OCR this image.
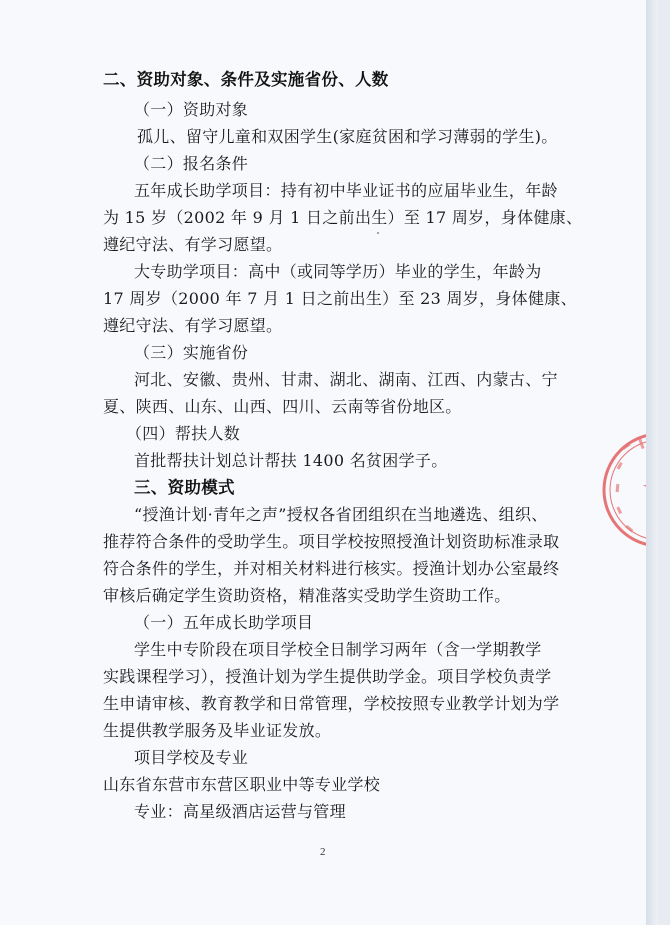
二、资助对象、条件及实施省份、人数
（一）资助对象
孤儿、留守儿童和双困学生(家庭贫困和学习薄弱的学生)。
（二）报名条件
五年成长助学项目：持有初中毕业证书的应届毕业生，年龄
为 15 岁（2002 年 9 月 1 日之前出生）至 17 周岁，身体健康、
遵纪守法、有学习愿望。
大专助学项目：高中（或同等学历）毕业的学生，年龄为
17 周岁（2000 年 7 月 1 日之前出生）至 23 周岁，身体健康、
遵纪守法、有学习愿望。
（三）实施省份
河北、安徽、贵州、甘肃、湖北、湖南、江西、内蒙古、宁
夏、陕西、山东、山西、四川、云南等省份地区。
（四）帮扶人数
首批帮扶计划总计帮扶 1400 名贫困学子。
三、资助模式
“授渔计划·青年之声”授权各省团组织在当地遴选、组织、
推荐符合条件的受助学生。项目学校按照授渔计划资助标准录取
符合条件的学生，并对相关材料进行核实。授渔计划办公室最终
审核后确定学生资助资格，精准落实受助学生资助工作。
（一）五年成长助学项目
学生中专阶段在项目学校全日制学习两年（含一学期教学
实践课程学习），授渔计划为学生提供助学金。项目学校负责学
生申请审核、教育教学和日常管理，学校按照专业教学计划为学
生提供教学服务及毕业证发放。
项目学校及专业
山东省东营市东营区职业中等专业学校
专业：高星级酒店运营与管理
2
